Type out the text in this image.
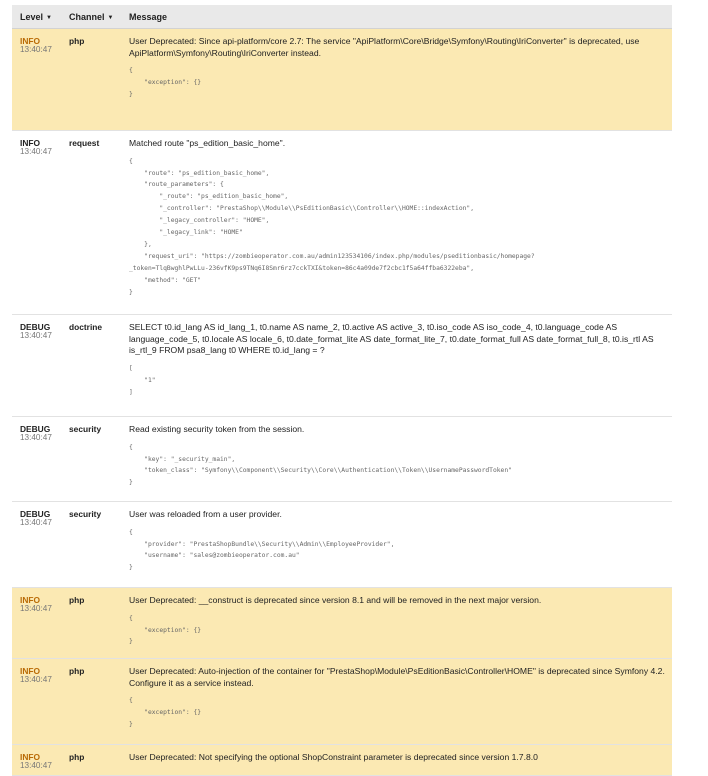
Level ▼ Channel ▼ Message
INFO
13:40:47
php	User Deprecated: Since api-platform/core 2.7: The service "ApiPlatform\Core\Bridge\Symfony\Routing\IriConverter" is deprecated, use ApiPlatform\Symfony\Routing\IriConverter instead.
{
"exception": {}
}
INFO
13:40:47
request	Matched route "ps_edition_basic_home".
{
"route": "ps_edition_basic_home",
"route_parameters": {
"_route": "ps_edition_basic_home",
"_controller": "PrestaShop\\Module\\PsEditionBasic\\Controller\\HOME::indexAction",
"_legacy_controller": "HOME",
"_legacy_link": "HOME"
},
"request_uri": "https://zombieoperator.com.au/admin123534106/index.php/modules/pseditionbasic/homepage?
_token=TlqBwghlPwLLu-236vfK9ps9TNq6I8Smr6rz7cckTXI&token=86c4a09de7f2cbc1f5a64ffba6322eba",
"method": "GET"
}
DEBUG
13:40:47
doctrine	SELECT t0.id_lang AS id_lang_1, t0.name AS name_2, t0.active AS active_3, t0.iso_code AS iso_code_4, t0.language_code AS language_code_5, t0.locale AS locale_6, t0.date_format_lite AS date_format_lite_7, t0.date_format_full AS date_format_full_8, t0.is_rtl AS is_rtl_9 FROM psa8_lang t0 WHERE t0.id_lang = ?
[
"1"
]
DEBUG
13:40:47
security	Read existing security token from the session.
{
"key": "_security_main",
"token_class": "Symfony\\Component\\Security\\Core\\Authentication\\Token\\UsernamePasswordToken"
}
DEBUG
13:40:47
security	User was reloaded from a user provider.
{
"provider": "PrestaShopBundle\\Security\\Admin\\EmployeeProvider",
"username": "sales@zombieoperator.com.au"
}
INFO
13:40:47
php	User Deprecated: __construct is deprecated since version 8.1 and will be removed in the next major version.
{
"exception": {}
}
INFO
13:40:47
php	User Deprecated: Auto-injection of the container for "PrestaShop\Module\PsEditionBasic\Controller\HOME" is deprecated since Symfony 4.2. Configure it as a service instead.
{
"exception": {}
}
INFO
13:40:47
php	User Deprecated: Not specifying the optional ShopConstraint parameter is deprecated since version 1.7.8.0
